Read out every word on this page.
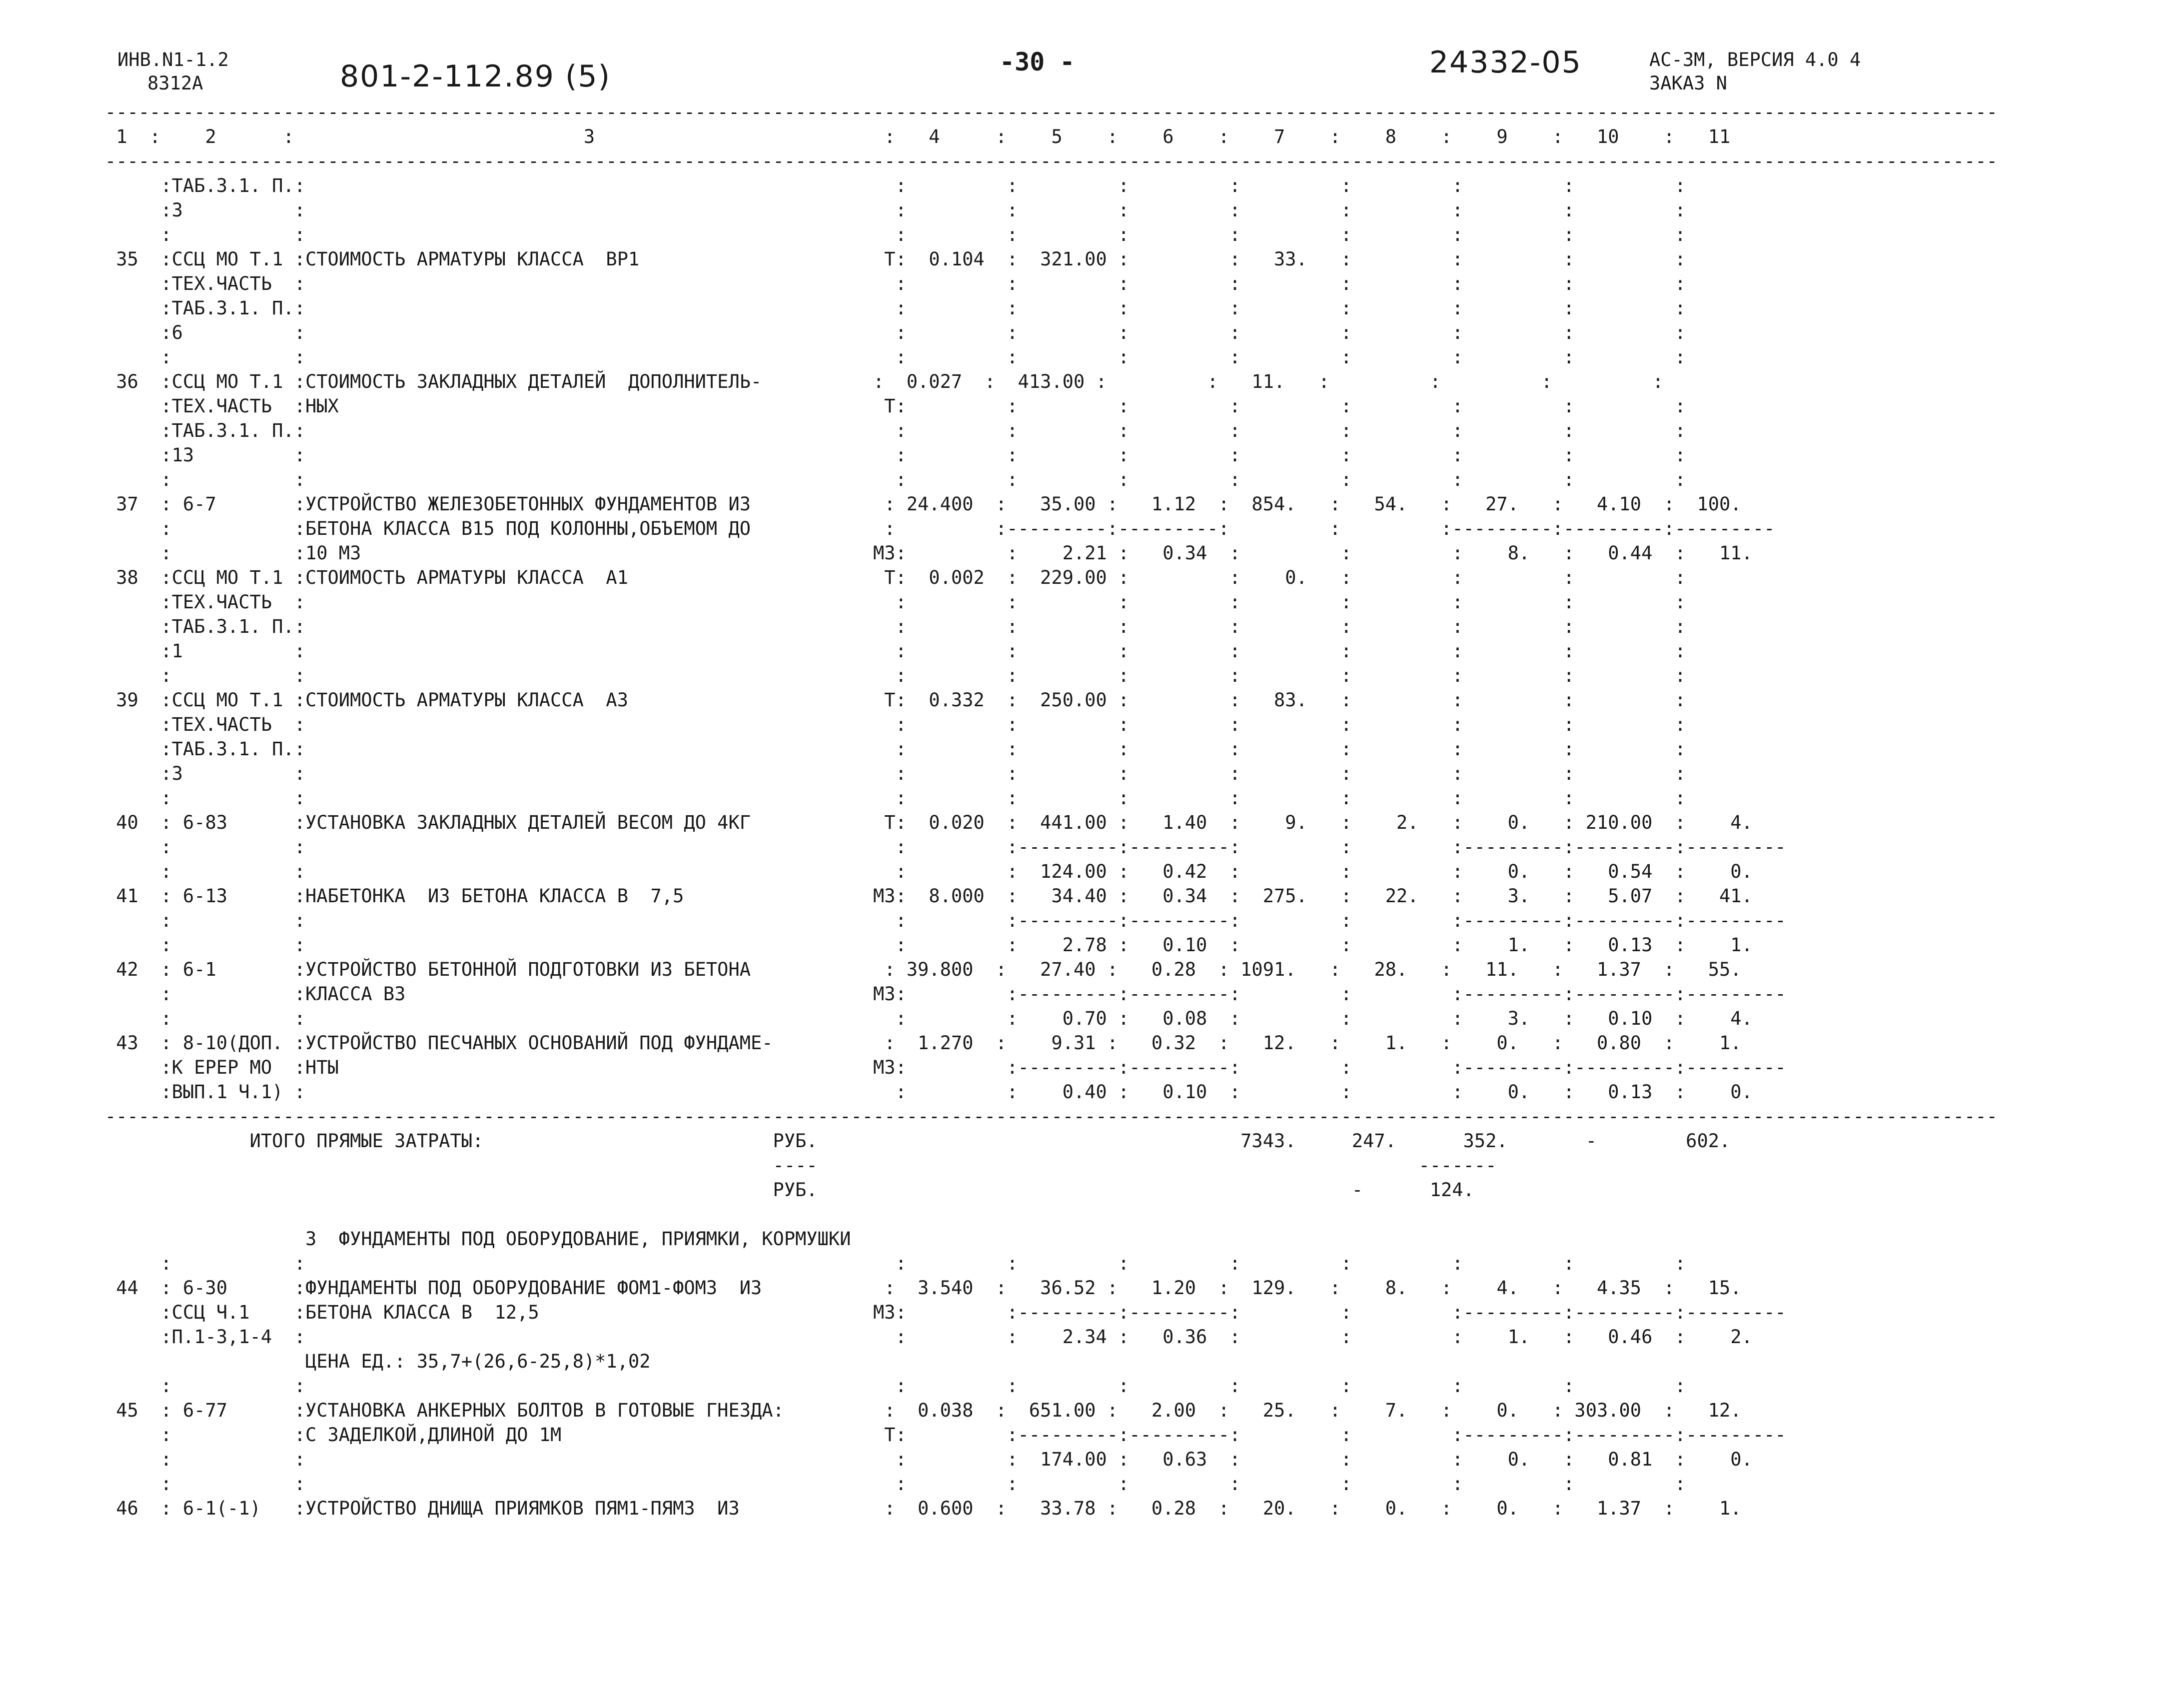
ИНВ.N1-1.2
8312А	801-2-112.89 (5)	-30 -	24332-05	АС-3М, ВЕРСИЯ 4.0 4
ЗАКАЗ N
--------------------------------------------------------------------------------------------------------------------------------------------------------------------------
1  :    2      :                          3                          :   4     :    5    :    6    :    7    :    8    :    9    :   10    :   11
--------------------------------------------------------------------------------------------------------------------------------------------------------------------------
:ТАБ.3.1. П.:                                                     :         :         :         :         :         :         :         :
:3          :                                                     :         :         :         :         :         :         :         :
:           :                                                     :         :         :         :         :         :         :         :
35  :ССЦ МО Т.1 :СТОИМОСТЬ АРМАТУРЫ КЛАССА  ВР1                      Т:  0.104  :  321.00 :         :   33.   :         :         :         :
:ТЕХ.ЧАСТЬ  :                                                     :         :         :         :         :         :         :         :
:ТАБ.3.1. П.:                                                     :         :         :         :         :         :         :         :
:6          :                                                     :         :         :         :         :         :         :         :
:           :                                                     :         :         :         :         :         :         :         :
36  :ССЦ МО Т.1 :СТОИМОСТЬ ЗАКЛАДНЫХ ДЕТАЛЕЙ  ДОПОЛНИТЕЛЬ-          :  0.027  :  413.00 :         :   11.   :         :         :         :
:ТЕХ.ЧАСТЬ  :НЫХ                                                 Т:         :         :         :         :         :         :         :
:ТАБ.3.1. П.:                                                     :         :         :         :         :         :         :         :
:13         :                                                     :         :         :         :         :         :         :         :
:           :                                                     :         :         :         :         :         :         :         :
37  : 6-7       :УСТРОЙСТВО ЖЕЛЕЗОБЕТОННЫХ ФУНДАМЕНТОВ ИЗ            : 24.400  :   35.00 :   1.12  :  854.   :   54.   :   27.   :   4.10  :  100.
:           :БЕТОНА КЛАССА В15 ПОД КОЛОННЫ,ОБЪЕМОМ ДО            :         :---------:---------:         :         :---------:---------:---------
:           :10 М3                                              М3:         :    2.21 :   0.34  :         :         :    8.   :   0.44  :   11.
38  :ССЦ МО Т.1 :СТОИМОСТЬ АРМАТУРЫ КЛАССА  А1                       Т:  0.002  :  229.00 :         :    0.   :         :         :         :
:ТЕХ.ЧАСТЬ  :                                                     :         :         :         :         :         :         :         :
:ТАБ.3.1. П.:                                                     :         :         :         :         :         :         :         :
:1          :                                                     :         :         :         :         :         :         :         :
:           :                                                     :         :         :         :         :         :         :         :
39  :ССЦ МО Т.1 :СТОИМОСТЬ АРМАТУРЫ КЛАССА  А3                       Т:  0.332  :  250.00 :         :   83.   :         :         :         :
:ТЕХ.ЧАСТЬ  :                                                     :         :         :         :         :         :         :         :
:ТАБ.3.1. П.:                                                     :         :         :         :         :         :         :         :
:3          :                                                     :         :         :         :         :         :         :         :
:           :                                                     :         :         :         :         :         :         :         :
40  : 6-83      :УСТАНОВКА ЗАКЛАДНЫХ ДЕТАЛЕЙ ВЕСОМ ДО 4КГ            Т:  0.020  :  441.00 :   1.40  :    9.   :    2.   :    0.   : 210.00  :    4.
:           :                                                     :         :---------:---------:         :         :---------:---------:---------
:           :                                                     :         :  124.00 :   0.42  :         :         :    0.   :   0.54  :    0.
41  : 6-13      :НАБЕТОНКА  ИЗ БЕТОНА КЛАССА В  7,5                 М3:  8.000  :   34.40 :   0.34  :  275.   :   22.   :    3.   :   5.07  :   41.
:           :                                                     :         :---------:---------:         :         :---------:---------:---------
:           :                                                     :         :    2.78 :   0.10  :         :         :    1.   :   0.13  :    1.
42  : 6-1       :УСТРОЙСТВО БЕТОННОЙ ПОДГОТОВКИ ИЗ БЕТОНА            : 39.800  :   27.40 :   0.28  : 1091.   :   28.   :   11.   :   1.37  :   55.
:           :КЛАССА В3                                          М3:         :---------:---------:         :         :---------:---------:---------
:           :                                                     :         :    0.70 :   0.08  :         :         :    3.   :   0.10  :    4.
43  : 8-10(ДОП. :УСТРОЙСТВО ПЕСЧАНЫХ ОСНОВАНИЙ ПОД ФУНДАМЕ-          :  1.270  :    9.31 :   0.32  :   12.   :    1.   :    0.   :   0.80  :    1.
:К ЕРЕР МО  :НТЫ                                                М3:         :---------:---------:         :         :---------:---------:---------
:ВЫП.1 Ч.1) :                                                     :         :    0.40 :   0.10  :         :         :    0.   :   0.13  :    0.
--------------------------------------------------------------------------------------------------------------------------------------------------------------------------
ИТОГО ПРЯМЫЕ ЗАТРАТЫ:                          РУБ.                                      7343.     247.      352.       -        602.
----                                                      -------
РУБ.                                                -      124.
3  ФУНДАМЕНТЫ ПОД ОБОРУДОВАНИЕ, ПРИЯМКИ, КОРМУШКИ
:           :                                                     :         :         :         :         :         :         :         :
44  : 6-30      :ФУНДАМЕНТЫ ПОД ОБОРУДОВАНИЕ ФОМ1-ФОМ3  ИЗ           :  3.540  :   36.52 :   1.20  :  129.   :    8.   :    4.   :   4.35  :   15.
:ССЦ Ч.1    :БЕТОНА КЛАССА В  12,5                              М3:         :---------:---------:         :         :---------:---------:---------
:П.1-3,1-4  :                                                     :         :    2.34 :   0.36  :         :         :    1.   :   0.46  :    2.
ЦЕНА ЕД.: 35,7+(26,6-25,8)*1,02
:           :                                                     :         :         :         :         :         :         :         :
45  : 6-77      :УСТАНОВКА АНКЕРНЫХ БОЛТОВ В ГОТОВЫЕ ГНЕЗДА:         :  0.038  :  651.00 :   2.00  :   25.   :    7.   :    0.   : 303.00  :   12.
:           :С ЗАДЕЛКОЙ,ДЛИНОЙ ДО 1М                             Т:         :---------:---------:         :         :---------:---------:---------
:           :                                                     :         :  174.00 :   0.63  :         :         :    0.   :   0.81  :    0.
:           :                                                     :         :         :         :         :         :         :         :
46  : 6-1(-1)   :УСТРОЙСТВО ДНИЩА ПРИЯМКОВ ПЯМ1-ПЯМ3  ИЗ             :  0.600  :   33.78 :   0.28  :   20.   :    0.   :    0.   :   1.37  :    1.
